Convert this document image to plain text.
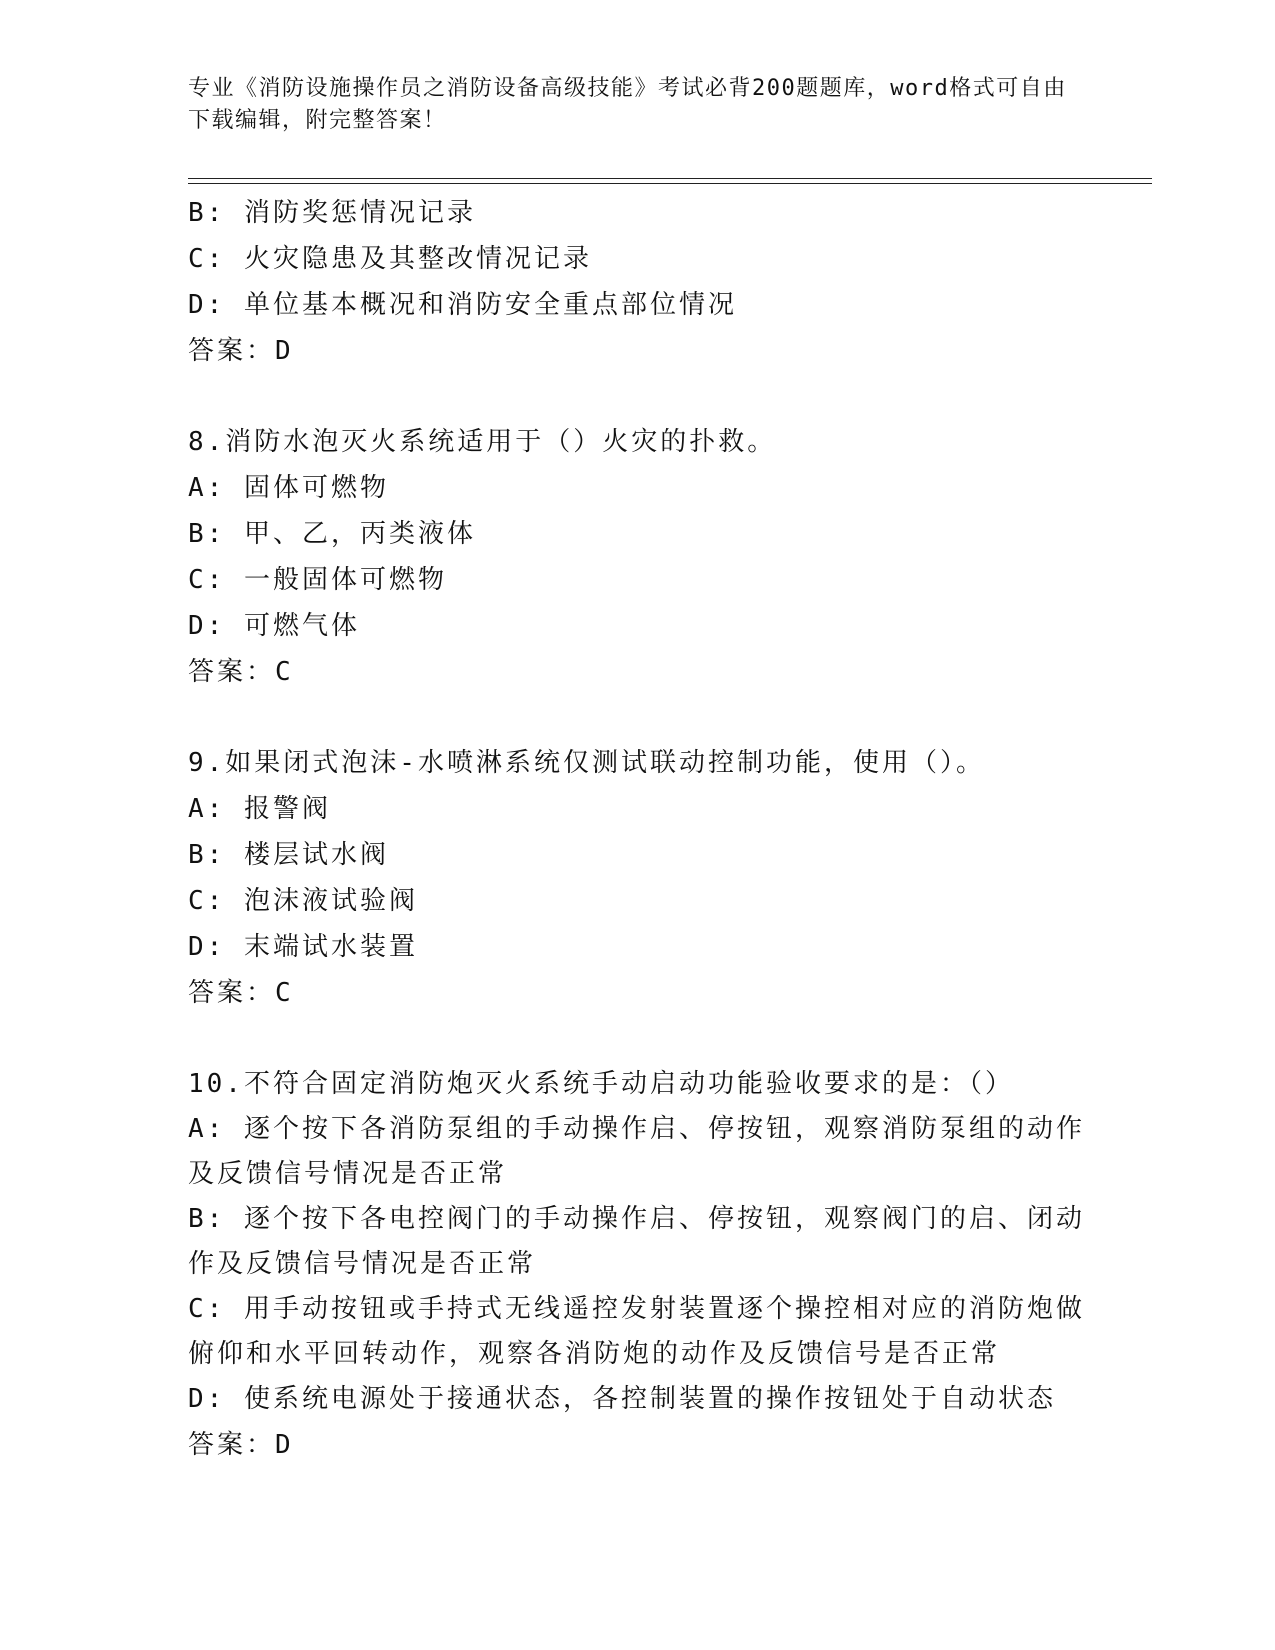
专业《消防设施操作员之消防设备高级技能》考试必背200题题库，word格式可自由下载编辑，附完整答案！
B: 消防奖惩情况记录
C: 火灾隐患及其整改情况记录
D: 单位基本概况和消防安全重点部位情况
答案：D
8.消防水泡灭火系统适用于（）火灾的扑救。
A: 固体可燃物
B: 甲、乙，丙类液体
C: 一般固体可燃物
D: 可燃气体
答案：C
9.如果闭式泡沫-水喷淋系统仅测试联动控制功能，使用（）。
A: 报警阀
B: 楼层试水阀
C: 泡沫液试验阀
D: 末端试水装置
答案：C
10.不符合固定消防炮灭火系统手动启动功能验收要求的是：（）
A: 逐个按下各消防泵组的手动操作启、停按钮，观察消防泵组的动作及反馈信号情况是否正常
B: 逐个按下各电控阀门的手动操作启、停按钮，观察阀门的启、闭动作及反馈信号情况是否正常
C: 用手动按钮或手持式无线遥控发射装置逐个操控相对应的消防炮做俯仰和水平回转动作，观察各消防炮的动作及反馈信号是否正常
D: 使系统电源处于接通状态，各控制装置的操作按钮处于自动状态
答案：D
